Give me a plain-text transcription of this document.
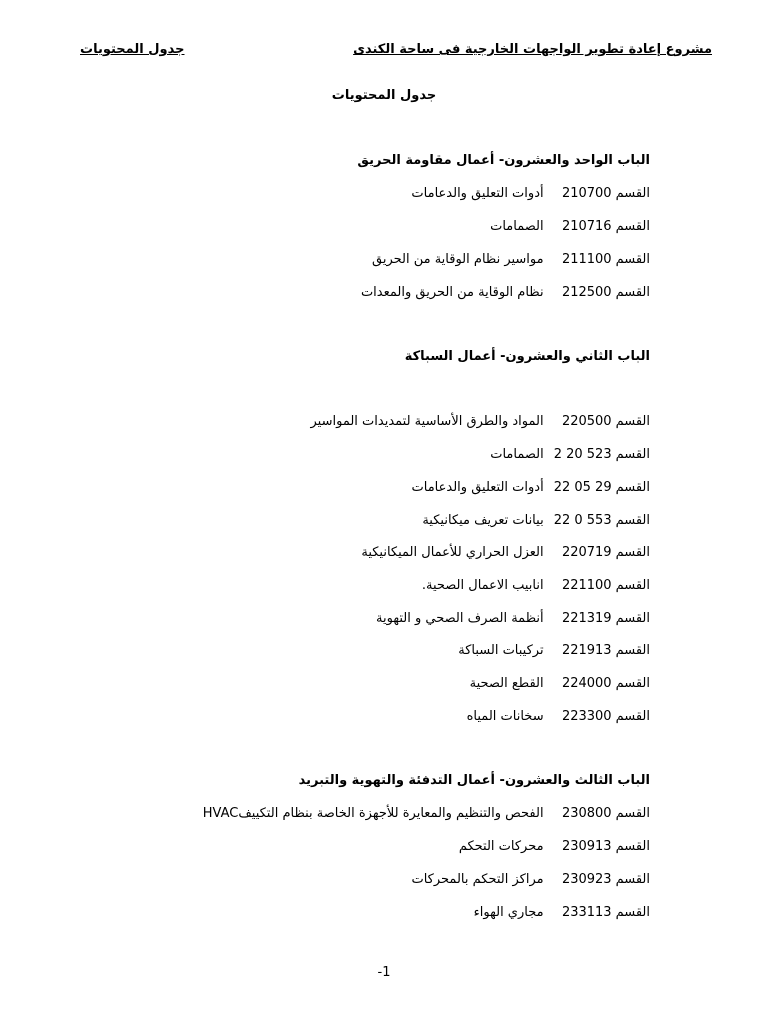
مشروع إعادة تطوير الواجهات الخارجية فى ساحة الكندى
جدول المحتويات
جدول المحتويات
الباب الواحد والعشرون- أعمال مقاومة الحريق
القسم210700أدوات التعليق والدعامات
القسم210716الصمامات
القسم211100مواسير نظام الوقاية من الحريق
القسم212500نظام الوقاية من الحريق والمعدات
الباب الثاني والعشرون- أعمال السباكة
القسم220500المواد والطرق الأساسية لتمديدات المواسير
القسم2 20 523الصمامات
القسم22 05 29أدوات التعليق والدعامات
القسم22 0 553بيانات تعريف ميكانيكية
القسم220719العزل الحراري للأعمال الميكانيكية
القسم221100انابيب الاعمال الصحية.
القسم221319أنظمة الصرف الصحي و التهوية
القسم221913تركيبات السباكة
القسم224000القطع الصحية
القسم223300سخانات المياه
الباب الثالث والعشرون- أعمال التدفئة والتهوية والتبريد
القسم230800الفحص والتنظيم والمعايرة للأجهزة الخاصة بنظام التكييفHVAC
القسم230913محركات التحكم
القسم230923مراكز التحكم بالمحركات
القسم233113مجاري الهواء
1-
